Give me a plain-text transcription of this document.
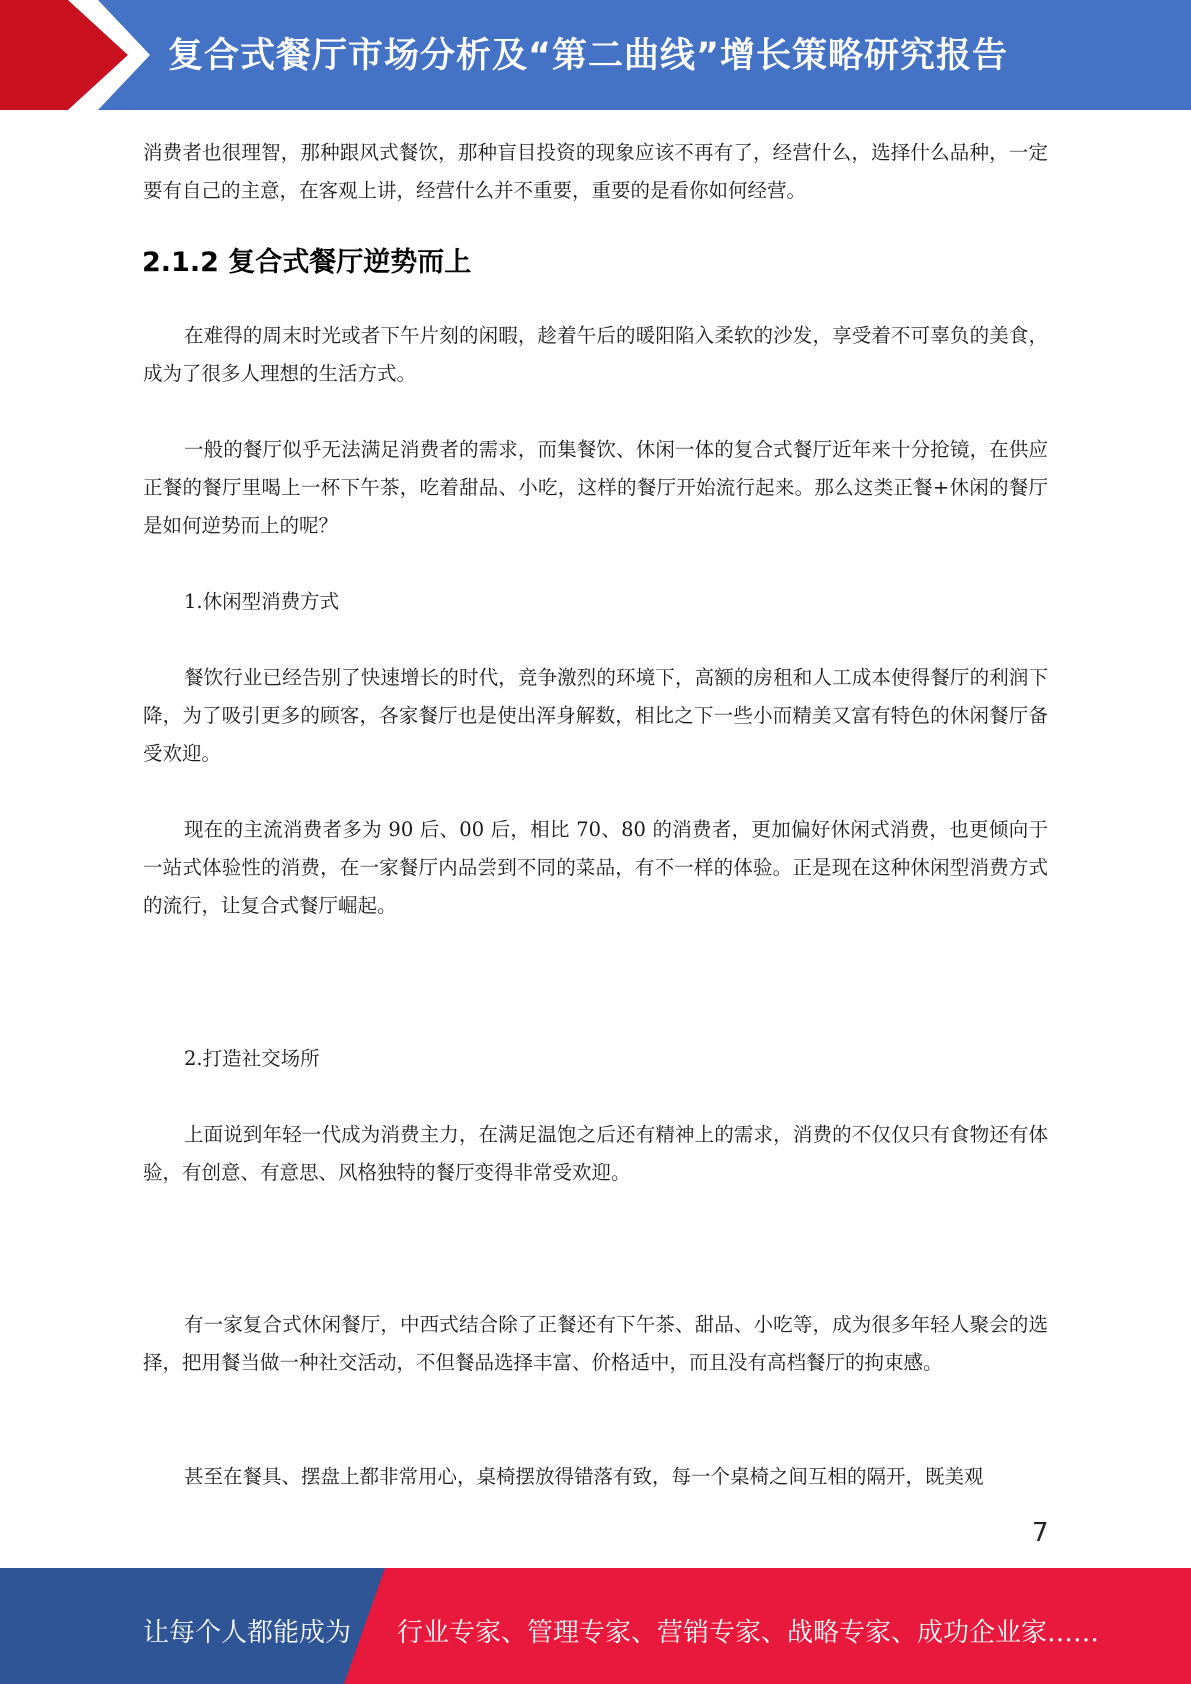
复合式餐厅市场分析及“第二曲线”增长策略研究报告

消费者也很理智，那种跟风式餐饮，那种盲目投资的现象应该不再有了，经营什么，选择什么品种，一定要有自己的主意，在客观上讲，经营什么并不重要，重要的是看你如何经营。

2.1.2 复合式餐厅逆势而上

在难得的周末时光或者下午片刻的闲暇，趁着午后的暖阳陷入柔软的沙发，享受着不可辜负的美食，成为了很多人理想的生活方式。

一般的餐厅似乎无法满足消费者的需求，而集餐饮、休闲一体的复合式餐厅近年来十分抢镜，在供应正餐的餐厅里喝上一杯下午茶，吃着甜品、小吃，这样的餐厅开始流行起来。那么这类正餐+休闲的餐厅是如何逆势而上的呢？

1.休闲型消费方式

餐饮行业已经告别了快速增长的时代，竞争激烈的环境下，高额的房租和人工成本使得餐厅的利润下降，为了吸引更多的顾客，各家餐厅也是使出浑身解数，相比之下一些小而精美又富有特色的休闲餐厅备受欢迎。

现在的主流消费者多为 90 后、00 后，相比 70、80 的消费者，更加偏好休闲式消费，也更倾向于一站式体验性的消费，在一家餐厅内品尝到不同的菜品，有不一样的体验。正是现在这种休闲型消费方式的流行，让复合式餐厅崛起。

2.打造社交场所

上面说到年轻一代成为消费主力，在满足温饱之后还有精神上的需求，消费的不仅仅只有食物还有体验，有创意、有意思、风格独特的餐厅变得非常受欢迎。

有一家复合式休闲餐厅，中西式结合除了正餐还有下午茶、甜品、小吃等，成为很多年轻人聚会的选择，把用餐当做一种社交活动，不但餐品选择丰富、价格适中，而且没有高档餐厅的拘束感。

甚至在餐具、摆盘上都非常用心，桌椅摆放得错落有致，每一个桌椅之间互相的隔开，既美观

7
让每个人都能成为 行业专家、管理专家、营销专家、战略专家、成功企业家……
